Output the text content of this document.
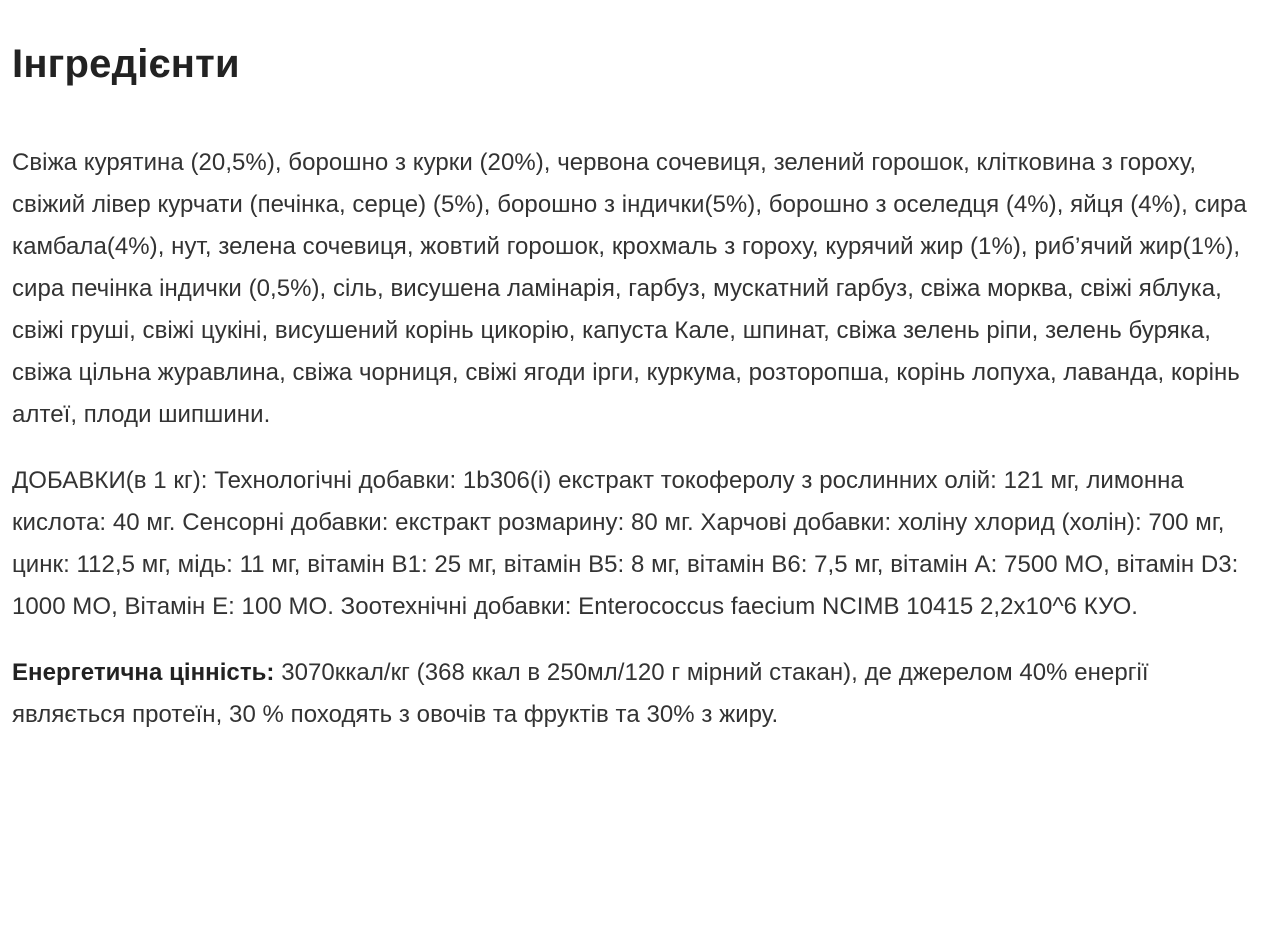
Інгредієнти

Свіжа курятина (20,5%), борошно з курки (20%), червона сочевиця, зелений горошок, клітковина з гороху, свіжий лівер курчати (печінка, серце) (5%), борошно з індички(5%), борошно з оселедця (4%), яйця (4%), сира камбала(4%), нут, зелена сочевиця, жовтий горошок, крохмаль з гороху, курячий жир (1%), риб’ячий жир(1%), сира печінка індички (0,5%), сіль, висушена ламінарія, гарбуз, мускатний гарбуз, свіжа морква, свіжі яблука, свіжі груші, свіжі цукіні, висушений корінь цикорію, капуста Кале, шпинат, свіжа зелень ріпи, зелень буряка, свіжа цільна журавлина, свіжа чорниця, свіжі ягоди ірги, куркума, розторопша, корінь лопуха, лаванда, корінь алтеї, плоди шипшини.

ДОБАВКИ(в 1 кг): Технологічні добавки: 1b306(i) екстракт токоферолу з рослинних олій: 121 мг, лимонна кислота: 40 мг. Сенсорні добавки: екстракт розмарину: 80 мг. Харчові добавки: холіну хлорид (холін): 700 мг, цинк: 112,5 мг, мідь: 11 мг, вітамін В1: 25 мг, вітамін В5: 8 мг, вітамін В6: 7,5 мг, вітамін А: 7500 МО, вітамін D3: 1000 МО, Вітамін Е: 100 МО. Зоотехнічні добавки: Enterococcus faecium NCIMB 10415 2,2х10^6 КУО.

Енергетична цінність: 3070ккал/кг (368 ккал в 250мл/120 г мірний стакан), де джерелом 40% енергії являється протеїн, 30 % походять з овочів та фруктів та 30% з жиру.
